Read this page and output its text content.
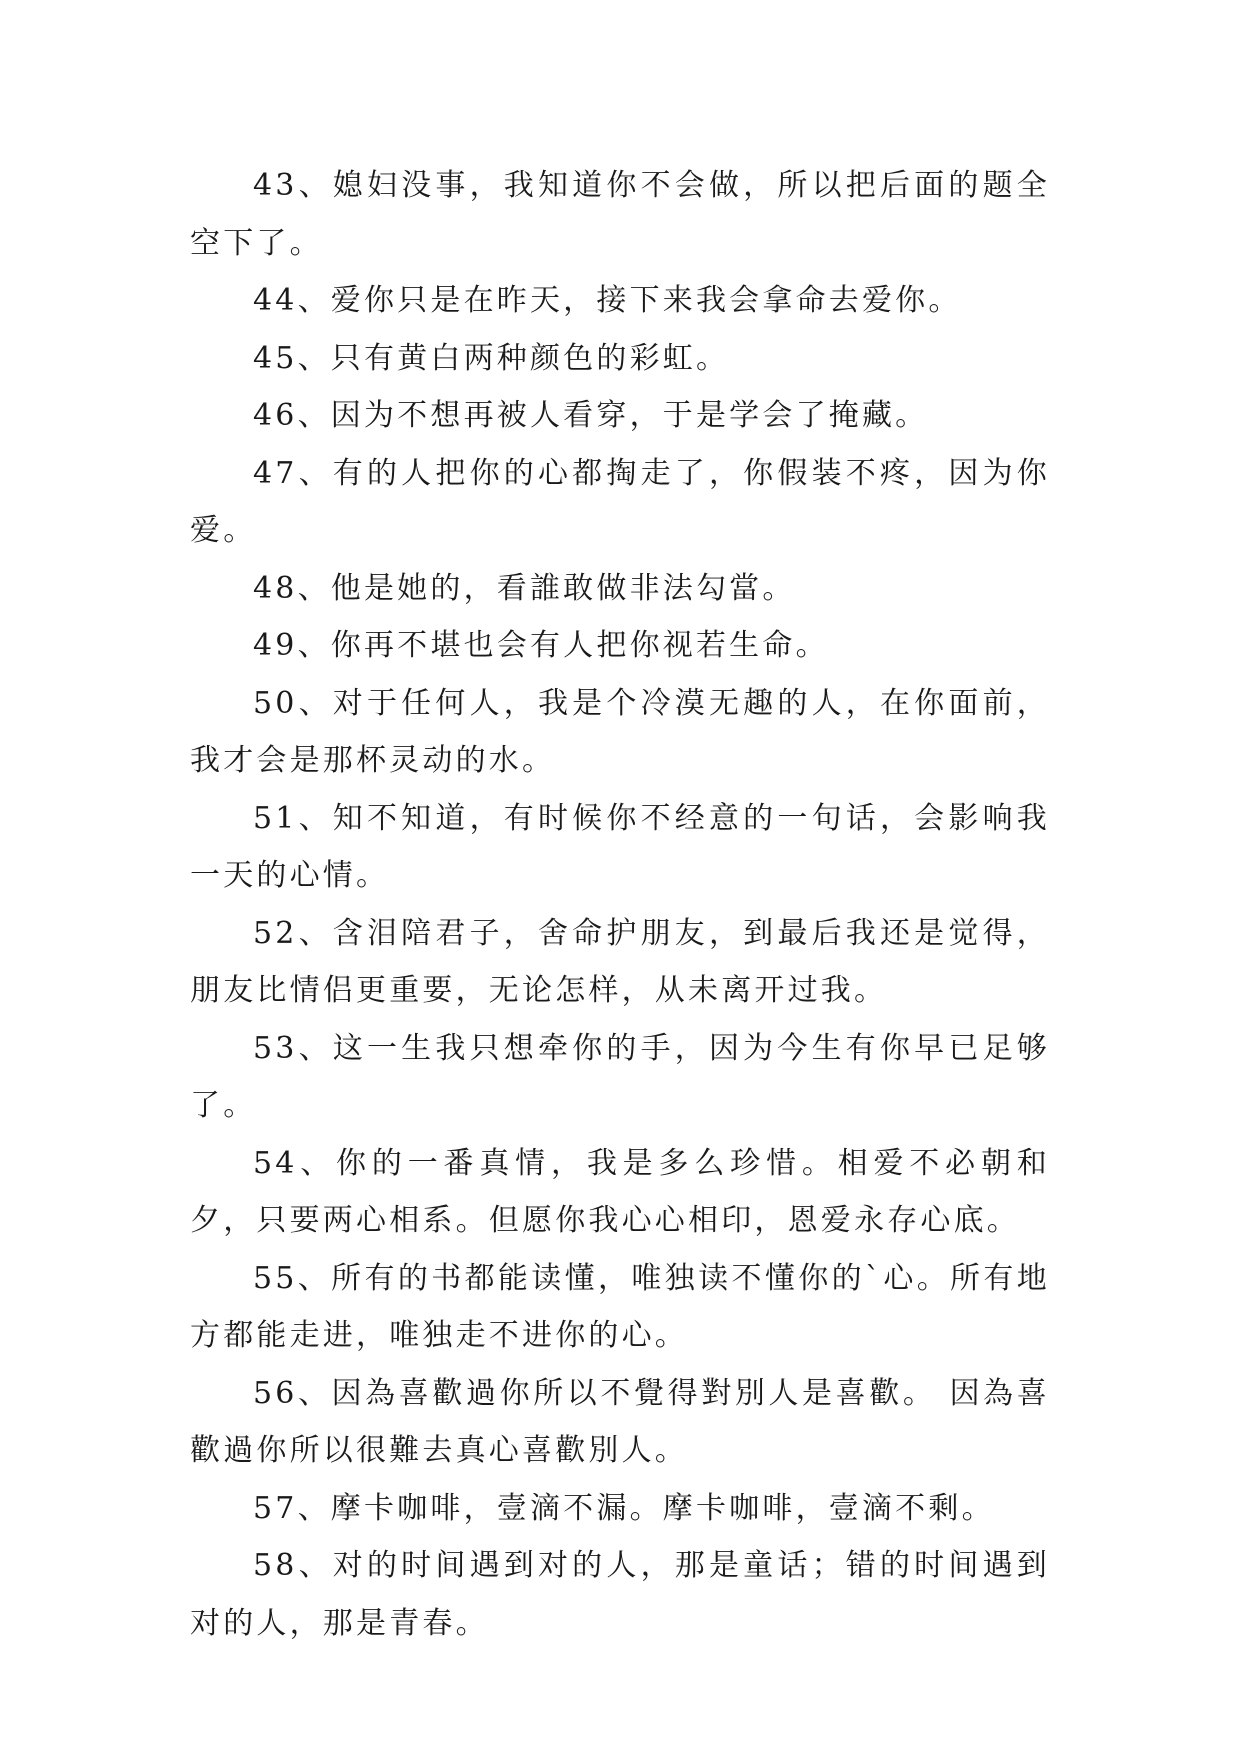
43、媳妇没事，我知道你不会做，所以把后面的题全空下了。

44、爱你只是在昨天，接下来我会拿命去爱你。

45、只有黄白两种颜色的彩虹。

46、因为不想再被人看穿，于是学会了掩藏。

47、有的人把你的心都掏走了，你假装不疼，因为你爱。

48、他是她的，看誰敢做非法勾當。

49、你再不堪也会有人把你视若生命。

50、对于任何人，我是个冷漠无趣的人，在你面前，我才会是那杯灵动的水。

51、知不知道，有时候你不经意的一句话，会影响我一天的心情。

52、含泪陪君子，舍命护朋友，到最后我还是觉得，朋友比情侣更重要，无论怎样，从未离开过我。

53、这一生我只想牵你的手，因为今生有你早已足够了。

54、你的一番真情，我是多么珍惜。相爱不必朝和夕，只要两心相系。但愿你我心心相印，恩爱永存心底。

55、所有的书都能读懂，唯独读不懂你的`心。所有地方都能走进，唯独走不进你的心。

56、因為喜歡過你所以不覺得對別人是喜歡。 因為喜歡過你所以很難去真心喜歡別人。

57、摩卡咖啡，壹滴不漏。摩卡咖啡，壹滴不剩。

58、对的时间遇到对的人，那是童话；错的时间遇到对的人，那是青春。
